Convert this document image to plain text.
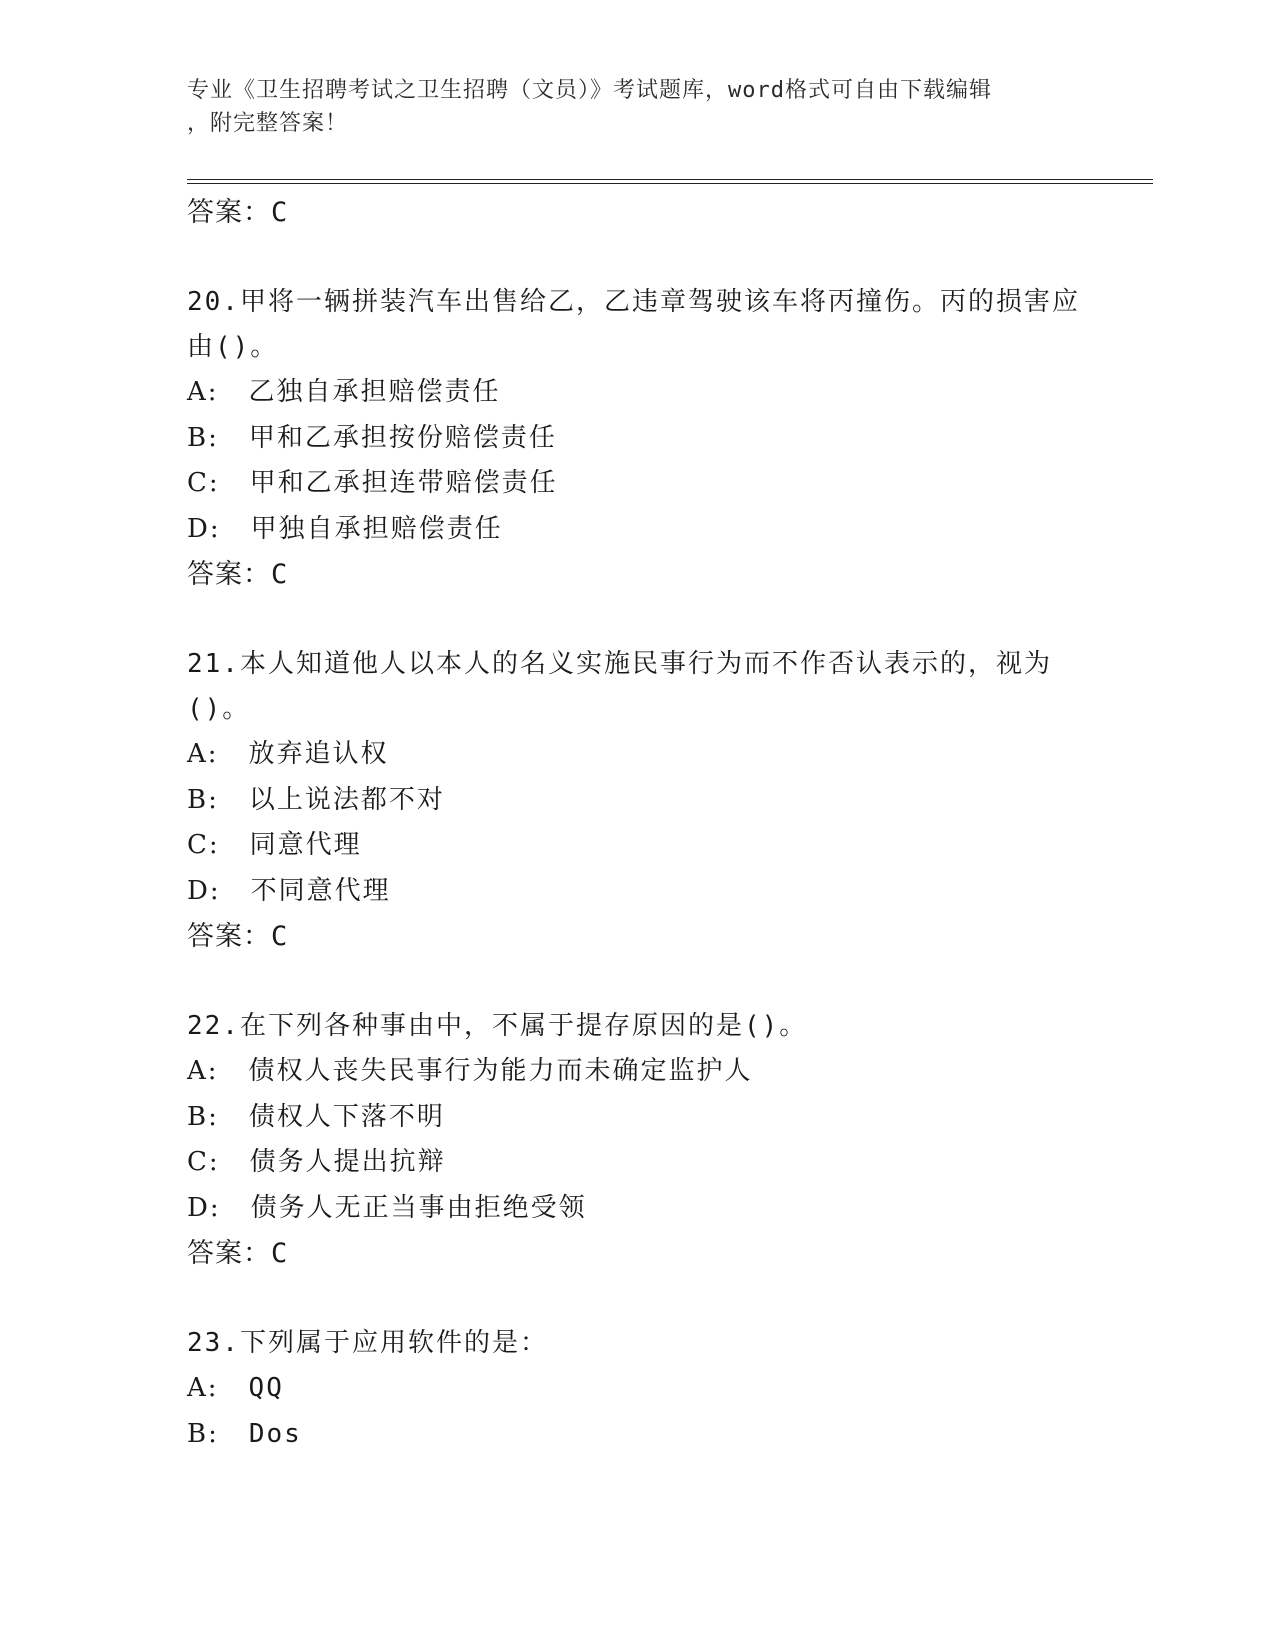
专业《卫生招聘考试之卫生招聘（文员）》考试题库，word格式可自由下载编辑
，附完整答案！
答案：C
20.甲将一辆拼装汽车出售给乙，乙违章驾驶该车将丙撞伤。丙的损害应由()。
A: 乙独自承担赔偿责任
B: 甲和乙承担按份赔偿责任
C: 甲和乙承担连带赔偿责任
D: 甲独自承担赔偿责任
答案：C
21.本人知道他人以本人的名义实施民事行为而不作否认表示的，视为()。
A: 放弃追认权
B: 以上说法都不对
C: 同意代理
D: 不同意代理
答案：C
22.在下列各种事由中，不属于提存原因的是()。
A: 债权人丧失民事行为能力而未确定监护人
B: 债权人下落不明
C: 债务人提出抗辩
D: 债务人无正当事由拒绝受领
答案：C
23.下列属于应用软件的是：
A: QQ
B: Dos
